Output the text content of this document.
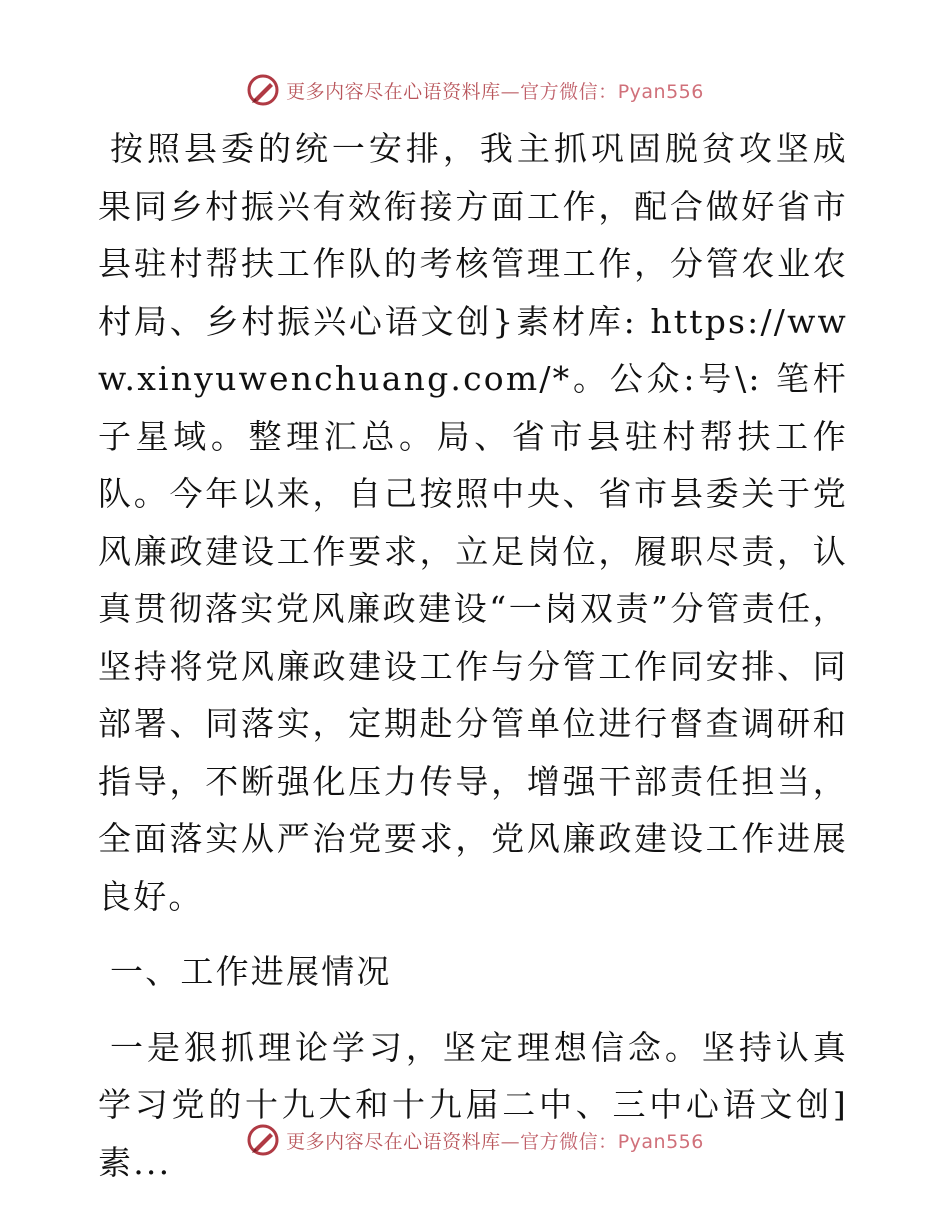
更多内容尽在心语资料库—官方微信：Pyan556

按照县委的统一安排，我主抓巩固脱贫攻坚成果同乡村振兴有效衔接方面工作，配合做好省市县驻村帮扶工作队的考核管理工作，分管农业农村局、乡村振兴心语文创}素材库: https://www.xinyuwenchuang.com/*。公众:号\: 笔杆子星域。整理汇总。局、省市县驻村帮扶工作队。今年以来，自己按照中央、省市县委关于党风廉政建设工作要求，立足岗位，履职尽责，认真贯彻落实党风廉政建设“一岗双责”分管责任，坚持将党风廉政建设工作与分管工作同安排、同部署、同落实，定期赴分管单位进行督查调研和指导，不断强化压力传导，增强干部责任担当，全面落实从严治党要求，党风廉政建设工作进展良好。

一、工作进展情况

一是狠抓理论学习，坚定理想信念。坚持认真学习党的十九大和十九届二中、三中心语文创]素...

更多内容尽在心语资料库—官方微信：Pyan556
